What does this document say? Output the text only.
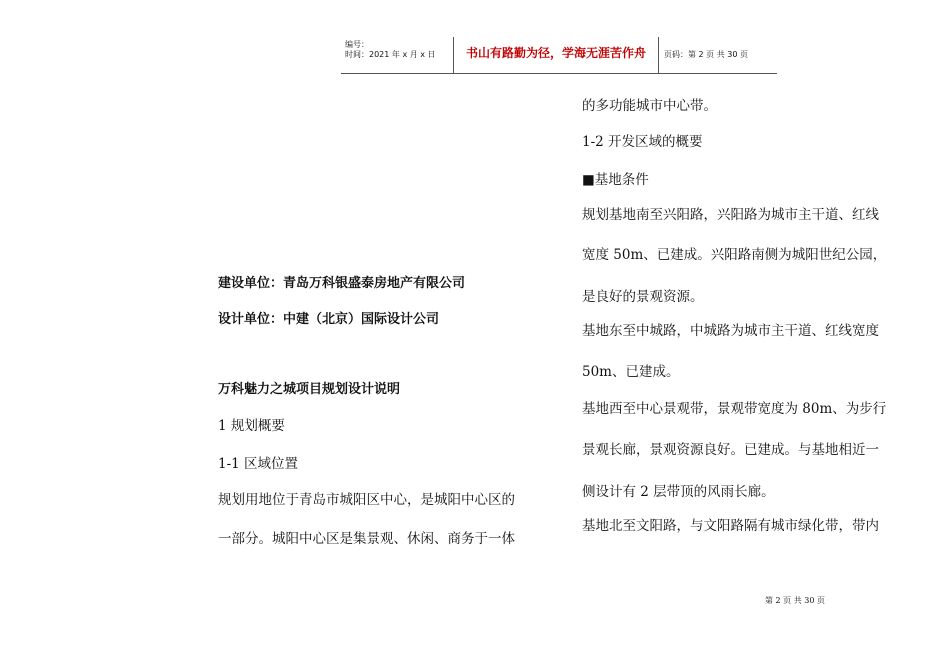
编号：
时间：2021 年 x 月 x 日	书山有路勤为径，学海无涯苦作舟	页码：第 2 页 共 30 页
建设单位：青岛万科银盛泰房地产有限公司
设计单位：中建（北京）国际设计公司
万科魅力之城项目规划设计说明
1 规划概要
1-1 区域位置
规划用地位于青岛市城阳区中心，是城阳中心区的
一部分。城阳中心区是集景观、休闲、商务于一体
的多功能城市中心带。
1-2 开发区域的概要
■基地条件
规划基地南至兴阳路，兴阳路为城市主干道、红线
宽度 50m、已建成。兴阳路南侧为城阳世纪公园，
是良好的景观资源。
基地东至中城路，中城路为城市主干道、红线宽度
50m、已建成。
基地西至中心景观带，景观带宽度为 80m、为步行
景观长廊，景观资源良好。已建成。与基地相近一
侧设计有 2 层带顶的风雨长廊。
基地北至文阳路，与文阳路隔有城市绿化带，带内
第 2 页 共 30 页
